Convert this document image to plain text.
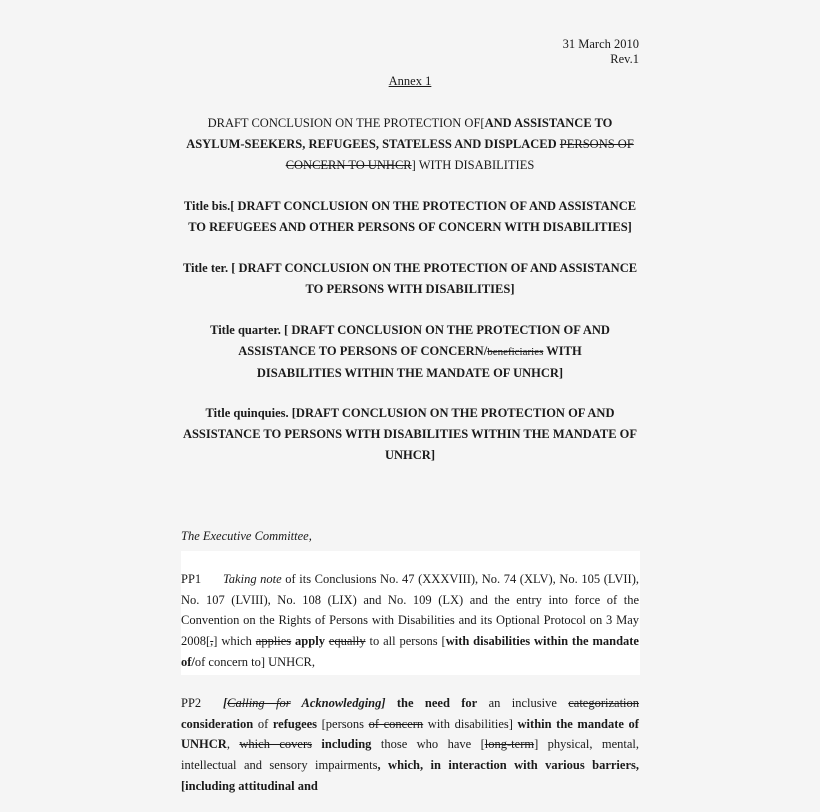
31 March 2010
Rev.1
Annex 1
DRAFT CONCLUSION ON THE PROTECTION OF[AND ASSISTANCE TO ASYLUM-SEEKERS, REFUGEES, STATELESS AND DISPLACED PERSONS OF CONCERN TO UNHCR] WITH DISABILITIES
Title bis.[ DRAFT CONCLUSION ON THE PROTECTION OF AND ASSISTANCE TO REFUGEES AND OTHER PERSONS OF CONCERN WITH DISABILITIES]
Title ter. [ DRAFT CONCLUSION ON THE PROTECTION OF AND ASSISTANCE TO PERSONS WITH DISABILITIES]
Title quarter. [ DRAFT CONCLUSION ON THE PROTECTION OF AND ASSISTANCE TO PERSONS OF CONCERN/beneficiaries WITH DISABILITIES WITHIN THE MANDATE OF UNHCR]
Title quinquies. [DRAFT CONCLUSION ON THE PROTECTION OF AND ASSISTANCE TO PERSONS WITH DISABILITIES WITHIN THE MANDATE OF UNHCR]
The Executive Committee,
PP1 Taking note of its Conclusions No. 47 (XXXVIII), No. 74 (XLV), No. 105 (LVII), No. 107 (LVIII), No. 108 (LIX) and No. 109 (LX) and the entry into force of the Convention on the Rights of Persons with Disabilities and its Optional Protocol on 3 May 2008[,] which applies apply equally to all persons [with disabilities within the mandate of/of concern to] UNHCR,
PP2 [Calling for Acknowledging] the need for an inclusive categorization consideration of refugees [persons of concern with disabilities] within the mandate of UNHCR, which covers including those who have [long-term] physical, mental, intellectual and sensory impairments, which, in interaction with various barriers, [including attitudinal and
